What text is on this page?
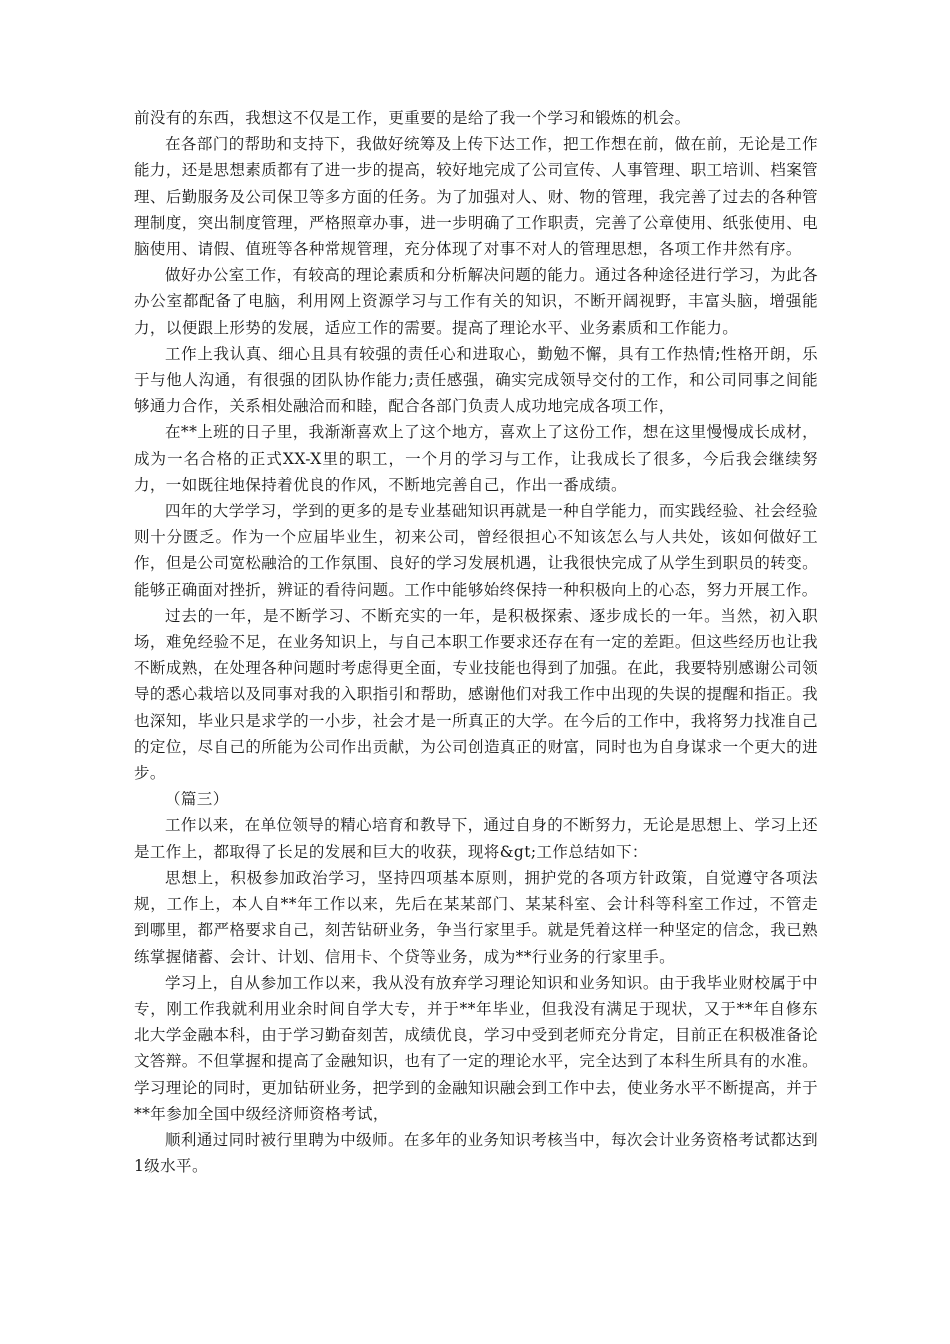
前没有的东西，我想这不仅是工作，更重要的是给了我一个学习和锻炼的机会。

在各部门的帮助和支持下，我做好统筹及上传下达工作，把工作想在前，做在前，无论是工作能力，还是思想素质都有了进一步的提高，较好地完成了公司宣传、人事管理、职工培训、档案管理、后勤服务及公司保卫等多方面的任务。为了加强对人、财、物的管理，我完善了过去的各种管理制度，突出制度管理，严格照章办事，进一步明确了工作职责，完善了公章使用、纸张使用、电脑使用、请假、值班等各种常规管理，充分体现了对事不对人的管理思想，各项工作井然有序。

做好办公室工作，有较高的理论素质和分析解决问题的能力。通过各种途径进行学习，为此各办公室都配备了电脑，利用网上资源学习与工作有关的知识，不断开阔视野，丰富头脑，增强能力，以便跟上形势的发展，适应工作的需要。提高了理论水平、业务素质和工作能力。

工作上我认真、细心且具有较强的责任心和进取心，勤勉不懈，具有工作热情;性格开朗，乐于与他人沟通，有很强的团队协作能力;责任感强，确实完成领导交付的工作，和公司同事之间能够通力合作，关系相处融洽而和睦，配合各部门负责人成功地完成各项工作，

在**上班的日子里，我渐渐喜欢上了这个地方，喜欢上了这份工作，想在这里慢慢成长成材，成为一名合格的正式XX-X里的职工，一个月的学习与工作，让我成长了很多，今后我会继续努力，一如既往地保持着优良的作风，不断地完善自己，作出一番成绩。

四年的大学学习，学到的更多的是专业基础知识再就是一种自学能力，而实践经验、社会经验则十分匮乏。作为一个应届毕业生，初来公司，曾经很担心不知该怎么与人共处，该如何做好工作，但是公司宽松融洽的工作氛围、良好的学习发展机遇，让我很快完成了从学生到职员的转变。能够正确面对挫折，辨证的看待问题。工作中能够始终保持一种积极向上的心态，努力开展工作。

过去的一年，是不断学习、不断充实的一年，是积极探索、逐步成长的一年。当然，初入职场，难免经验不足，在业务知识上，与自己本职工作要求还存在有一定的差距。但这些经历也让我不断成熟，在处理各种问题时考虑得更全面，专业技能也得到了加强。在此，我要特别感谢公司领导的悉心栽培以及同事对我的入职指引和帮助，感谢他们对我工作中出现的失误的提醒和指正。我也深知，毕业只是求学的一小步，社会才是一所真正的大学。在今后的工作中，我将努力找准自己的定位，尽自己的所能为公司作出贡献，为公司创造真正的财富，同时也为自身谋求一个更大的进步。

（篇三）

工作以来，在单位领导的精心培育和教导下，通过自身的不断努力，无论是思想上、学习上还是工作上，都取得了长足的发展和巨大的收获，现将&gt;工作总结如下：

思想上，积极参加政治学习，坚持四项基本原则，拥护党的各项方针政策，自觉遵守各项法规，工作上，本人自**年工作以来，先后在某某部门、某某科室、会计科等科室工作过，不管走到哪里，都严格要求自己，刻苦钻研业务，争当行家里手。就是凭着这样一种坚定的信念，我已熟练掌握储蓄、会计、计划、信用卡、个贷等业务，成为**行业务的行家里手。

学习上，自从参加工作以来，我从没有放弃学习理论知识和业务知识。由于我毕业财校属于中专，刚工作我就利用业余时间自学大专，并于**年毕业，但我没有满足于现状，又于**年自修东北大学金融本科，由于学习勤奋刻苦，成绩优良，学习中受到老师充分肯定，目前正在积极准备论文答辩。不但掌握和提高了金融知识，也有了一定的理论水平，完全达到了本科生所具有的水准。学习理论的同时，更加钻研业务，把学到的金融知识融会到工作中去，使业务水平不断提高，并于**年参加全国中级经济师资格考试，

顺利通过同时被行里聘为中级师。在多年的业务知识考核当中，每次会计业务资格考试都达到1级水平。
